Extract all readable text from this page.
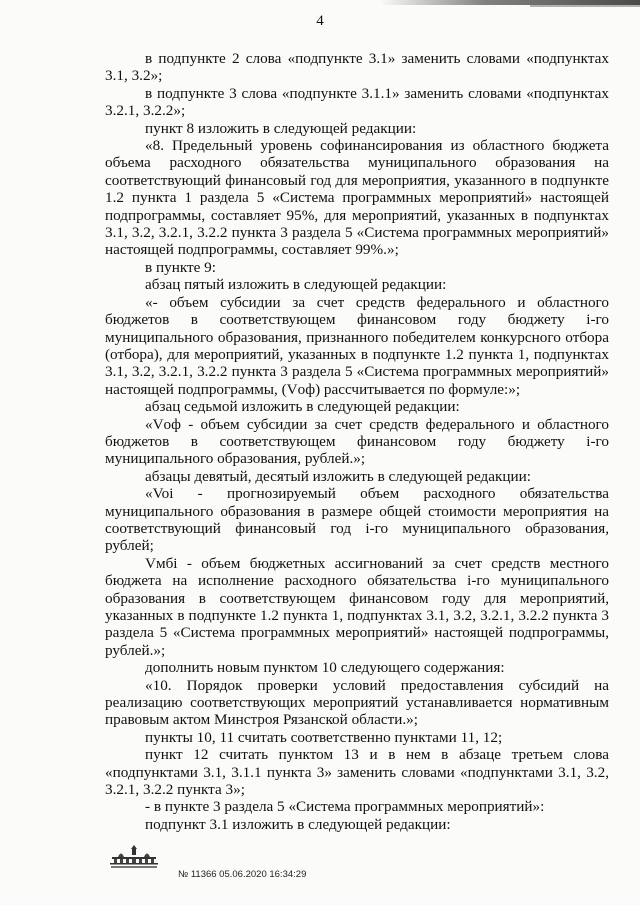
4

в подпункте 2 слова «подпункте 3.1» заменить словами «подпунктах 3.1, 3.2»;

в подпункте 3 слова «подпункте 3.1.1» заменить словами «подпунктах 3.2.1, 3.2.2»;

пункт 8 изложить в следующей редакции:

«8. Предельный уровень софинансирования из областного бюджета объема расходного обязательства муниципального образования на соответствующий финансовый год для мероприятия, указанного в подпункте 1.2 пункта 1 раздела 5 «Система программных мероприятий» настоящей подпрограммы, составляет 95%, для мероприятий, указанных в подпунктах 3.1, 3.2, 3.2.1, 3.2.2 пункта 3 раздела 5 «Система программных мероприятий» настоящей подпрограммы, составляет 99%.»;

в пункте 9:

абзац пятый изложить в следующей редакции:

«- объем субсидии за счет средств федерального и областного бюджетов в соответствующем финансовом году бюджету i-го муниципального образования, признанного победителем конкурсного отбора (отбора), для мероприятий, указанных в подпункте 1.2 пункта 1, подпунктах 3.1, 3.2, 3.2.1, 3.2.2 пункта 3 раздела 5 «Система программных мероприятий» настоящей подпрограммы, (Vоф) рассчитывается по формуле:»;

абзац седьмой изложить в следующей редакции:

«Vоф - объем субсидии за счет средств федерального и областного бюджетов в соответствующем финансовом году бюджету i-го муниципального образования, рублей.»;

абзацы девятый, десятый изложить в следующей редакции:

«Voi - прогнозируемый объем расходного обязательства муниципального образования в размере общей стоимости мероприятия на соответствующий финансовый год i-го муниципального образования, рублей;

Vмбi - объем бюджетных ассигнований за счет средств местного бюджета на исполнение расходного обязательства i-го муниципального образования в соответствующем финансовом году для мероприятий, указанных в подпункте 1.2 пункта 1, подпунктах 3.1, 3.2, 3.2.1, 3.2.2 пункта 3 раздела 5 «Система программных мероприятий» настоящей подпрограммы, рублей.»;

дополнить новым пунктом 10 следующего содержания:

«10. Порядок проверки условий предоставления субсидий на реализацию соответствующих мероприятий устанавливается нормативным правовым актом Минстроя Рязанской области.»;

пункты 10, 11 считать соответственно пунктами 11, 12;

пункт 12 считать пунктом 13 и в нем в абзаце третьем слова «подпунктами 3.1, 3.1.1 пункта 3» заменить словами «подпунктами 3.1, 3.2, 3.2.1, 3.2.2 пункта 3»;

- в пункте 3 раздела 5 «Система программных мероприятий»:

подпункт 3.1 изложить в следующей редакции:

№ 11366 05.06.2020 16:34:29
